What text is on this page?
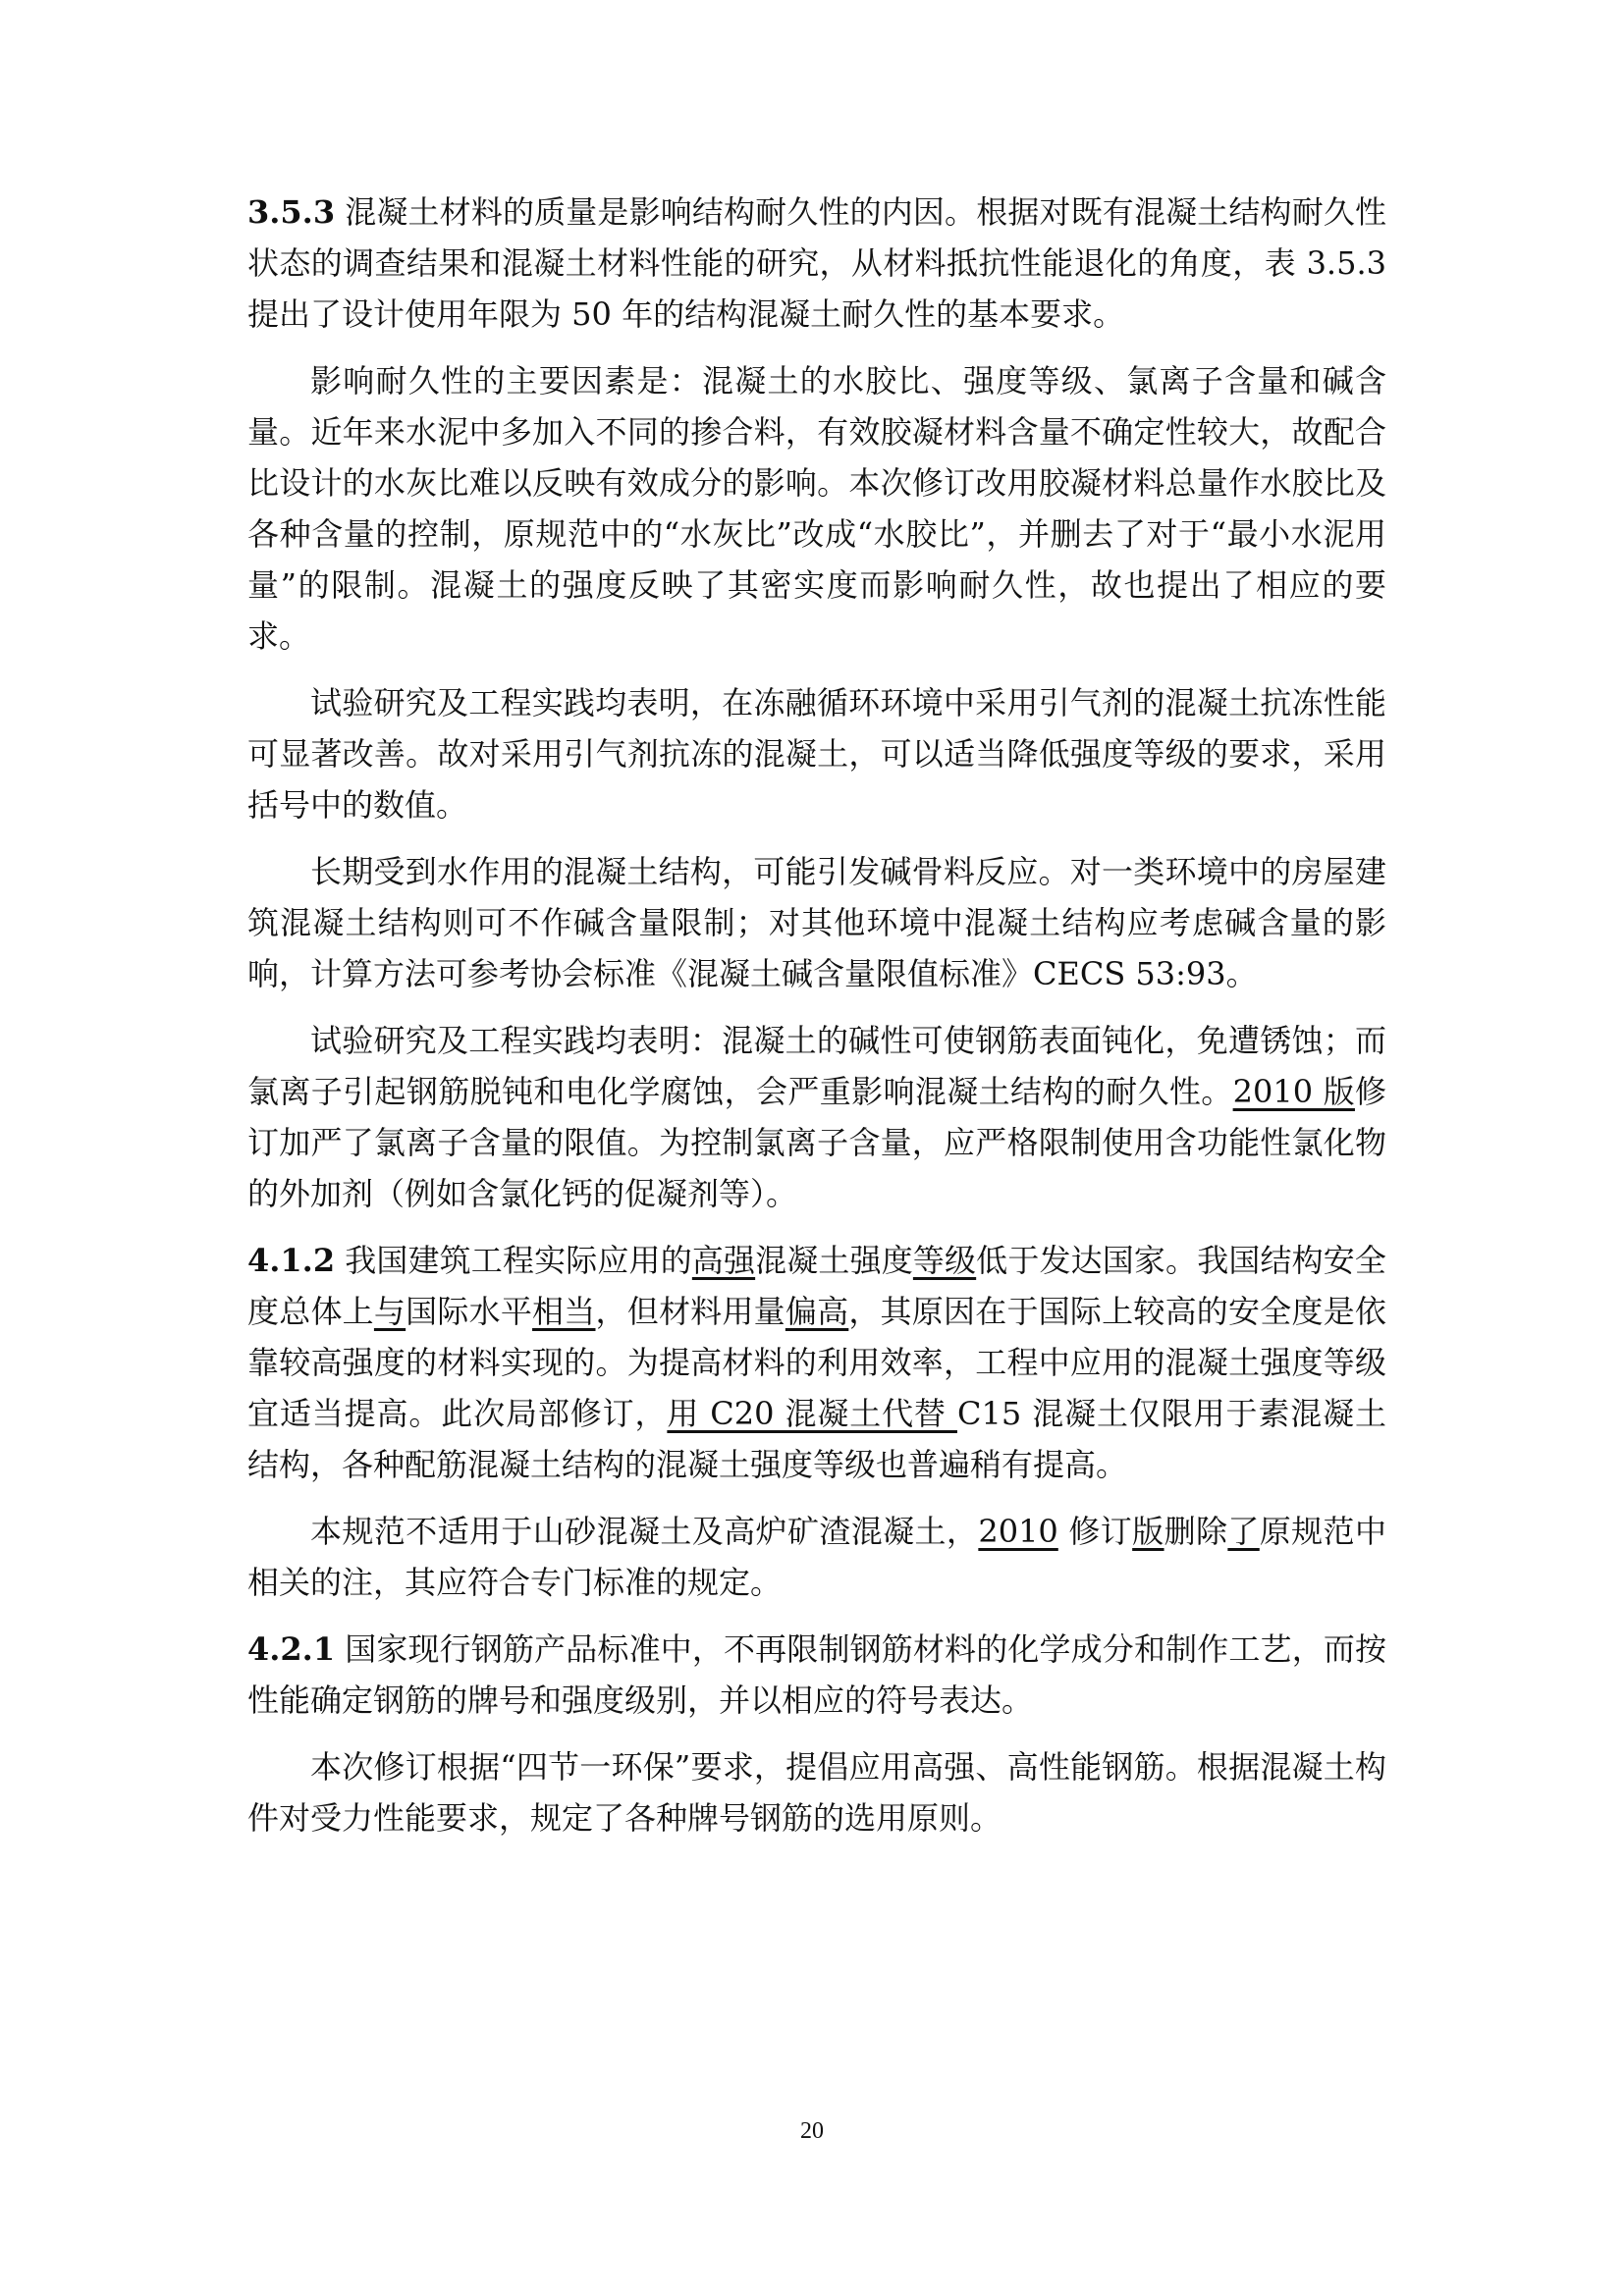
3.5.3 混凝土材料的质量是影响结构耐久性的内因。根据对既有混凝土结构耐久性状态的调查结果和混凝土材料性能的研究，从材料抵抗性能退化的角度，表 3.5.3 提出了设计使用年限为 50 年的结构混凝土耐久性的基本要求。

影响耐久性的主要因素是：混凝土的水胶比、强度等级、氯离子含量和碱含量。近年来水泥中多加入不同的掺合料，有效胶凝材料含量不确定性较大，故配合比设计的水灰比难以反映有效成分的影响。本次修订改用胶凝材料总量作水胶比及各种含量的控制，原规范中的“水灰比”改成“水胶比”，并删去了对于“最小水泥用量”的限制。混凝土的强度反映了其密实度而影响耐久性，故也提出了相应的要求。

试验研究及工程实践均表明，在冻融循环环境中采用引气剂的混凝土抗冻性能可显著改善。故对采用引气剂抗冻的混凝土，可以适当降低强度等级的要求，采用括号中的数值。

长期受到水作用的混凝土结构，可能引发碱骨料反应。对一类环境中的房屋建筑混凝土结构则可不作碱含量限制；对其他环境中混凝土结构应考虑碱含量的影响，计算方法可参考协会标准《混凝土碱含量限值标准》CECS 53:93。

试验研究及工程实践均表明：混凝土的碱性可使钢筋表面钝化，免遭锈蚀；而氯离子引起钢筋脱钝和电化学腐蚀，会严重影响混凝土结构的耐久性。2010 版修订加严了氯离子含量的限值。为控制氯离子含量，应严格限制使用含功能性氯化物的外加剂（例如含氯化钙的促凝剂等）。

4.1.2 我国建筑工程实际应用的高强混凝土强度等级低于发达国家。我国结构安全度总体上与国际水平相当，但材料用量偏高，其原因在于国际上较高的安全度是依靠较高强度的材料实现的。为提高材料的利用效率，工程中应用的混凝土强度等级宜适当提高。此次局部修订，用 C20 混凝土代替 C15 混凝土仅限用于素混凝土结构，各种配筋混凝土结构的混凝土强度等级也普遍稍有提高。

本规范不适用于山砂混凝土及高炉矿渣混凝土，2010 修订版删除了原规范中相关的注，其应符合专门标准的规定。

4.2.1 国家现行钢筋产品标准中，不再限制钢筋材料的化学成分和制作工艺，而按性能确定钢筋的牌号和强度级别，并以相应的符号表达。

本次修订根据“四节一环保”要求，提倡应用高强、高性能钢筋。根据混凝土构件对受力性能要求，规定了各种牌号钢筋的选用原则。

20
